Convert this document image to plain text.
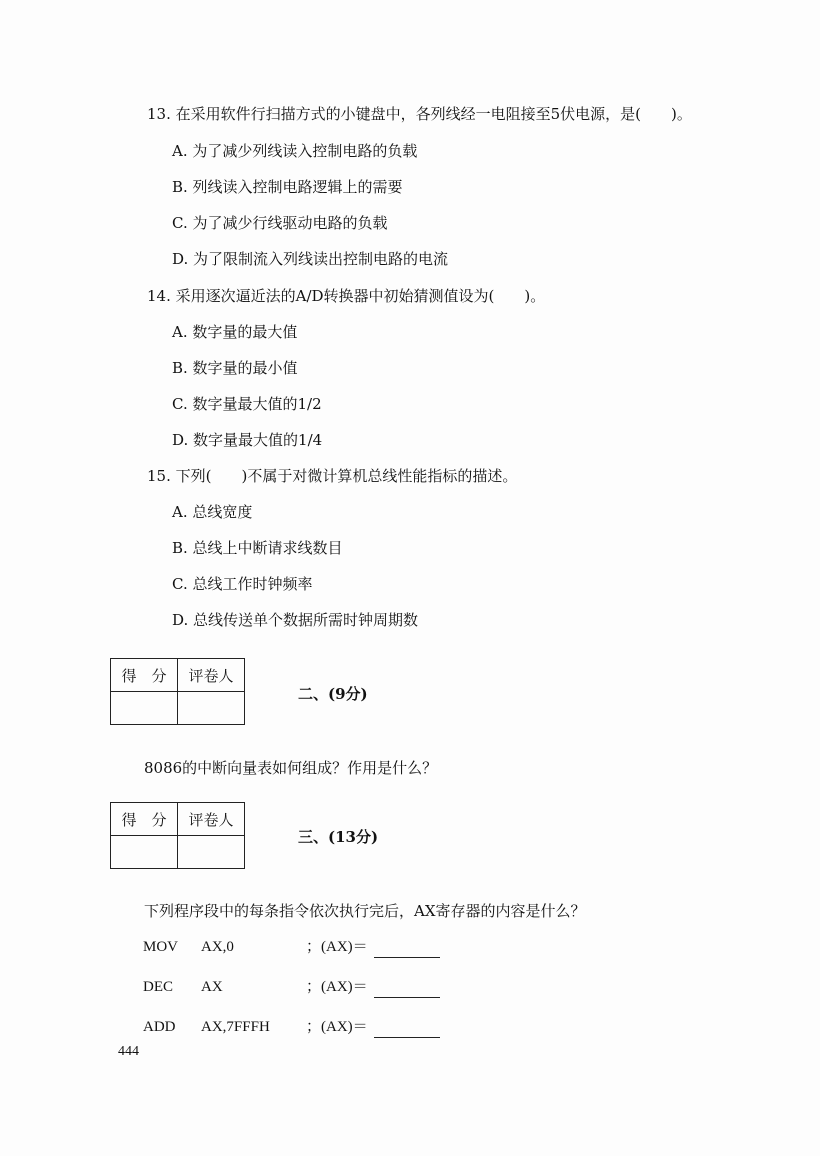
13. 在采用软件行扫描方式的小键盘中，各列线经一电阻接至5伏电源，是(　　)。
A. 为了减少列线读入控制电路的负载
B. 列线读入控制电路逻辑上的需要
C. 为了减少行线驱动电路的负载
D. 为了限制流入列线读出控制电路的电流
14. 采用逐次逼近法的A/D转换器中初始猜测值设为(　　)。
A. 数字量的最大值
B. 数字量的最小值
C. 数字量最大值的1/2
D. 数字量最大值的1/4
15. 下列(　　)不属于对微计算机总线性能指标的描述。
A. 总线宽度
B. 总线上中断请求线数目
C. 总线工作时钟频率
D. 总线传送单个数据所需时钟周期数
得　分	评卷人

二、(9分)
8086的中断向量表如何组成？作用是什么？
得　分	评卷人

三、(13分)
下列程序段中的每条指令依次执行完后，AX寄存器的内容是什么？
MOV AX,0	；(AX)＝
DEC AX	；(AX)＝
ADD AX,7FFFH ；(AX)＝
444
